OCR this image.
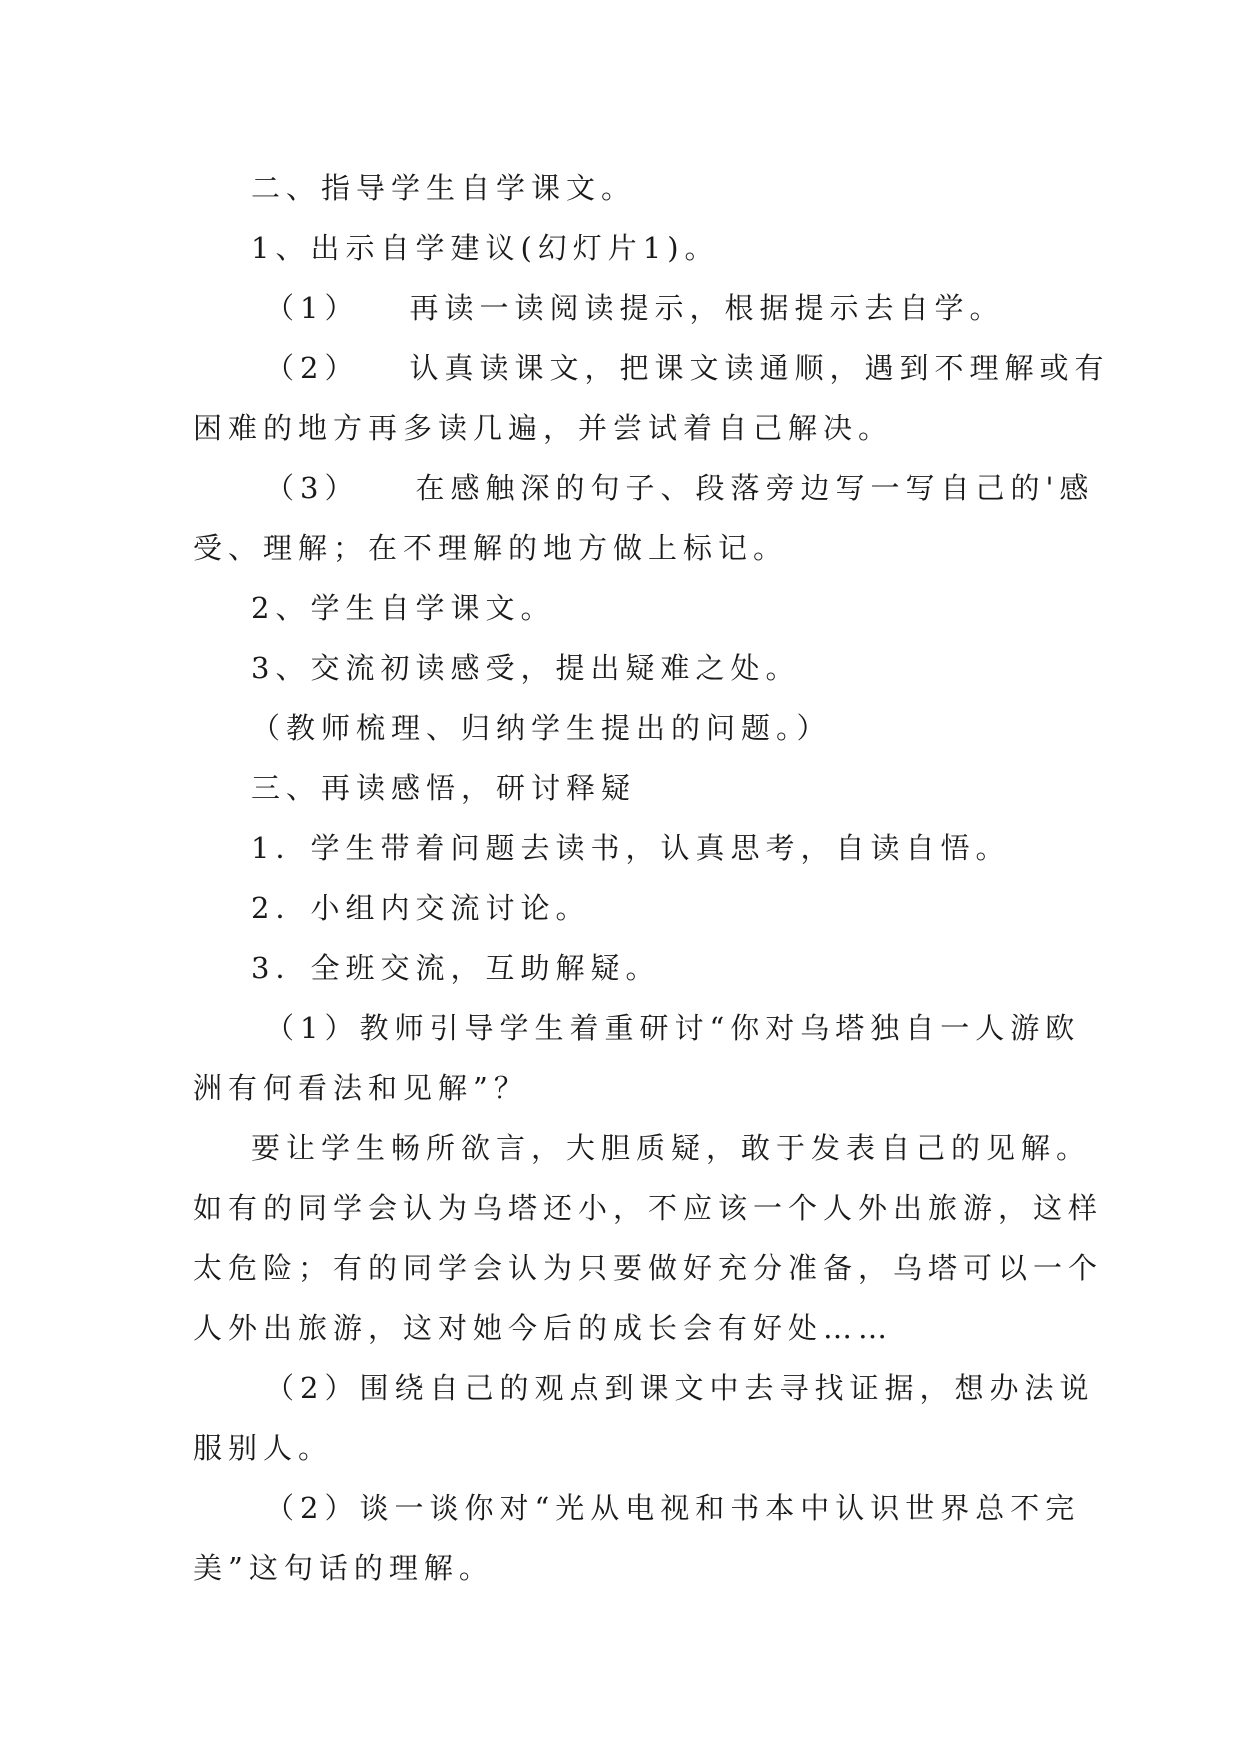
二、指导学生自学课文。
1、出示自学建议(幻灯片1)。
（1） 再读一读阅读提示，根据提示去自学。
（2） 认真读课文，把课文读通顺，遇到不理解或有
困难的地方再多读几遍，并尝试着自己解决。
（3） 在感触深的句子、段落旁边写一写自己的'感
受、理解；在不理解的地方做上标记。
2、学生自学课文。
3、交流初读感受，提出疑难之处。
（教师梳理、归纳学生提出的问题。）
三、再读感悟，研讨释疑
1．学生带着问题去读书，认真思考，自读自悟。
2．小组内交流讨论。
3．全班交流，互助解疑。
（1）教师引导学生着重研讨“你对乌塔独自一人游欧
洲有何看法和见解”？
要让学生畅所欲言，大胆质疑，敢于发表自己的见解。
如有的同学会认为乌塔还小，不应该一个人外出旅游，这样
太危险；有的同学会认为只要做好充分准备，乌塔可以一个
人外出旅游，这对她今后的成长会有好处……
（2）围绕自己的观点到课文中去寻找证据，想办法说
服别人。
（2）谈一谈你对“光从电视和书本中认识世界总不完
美”这句话的理解。
